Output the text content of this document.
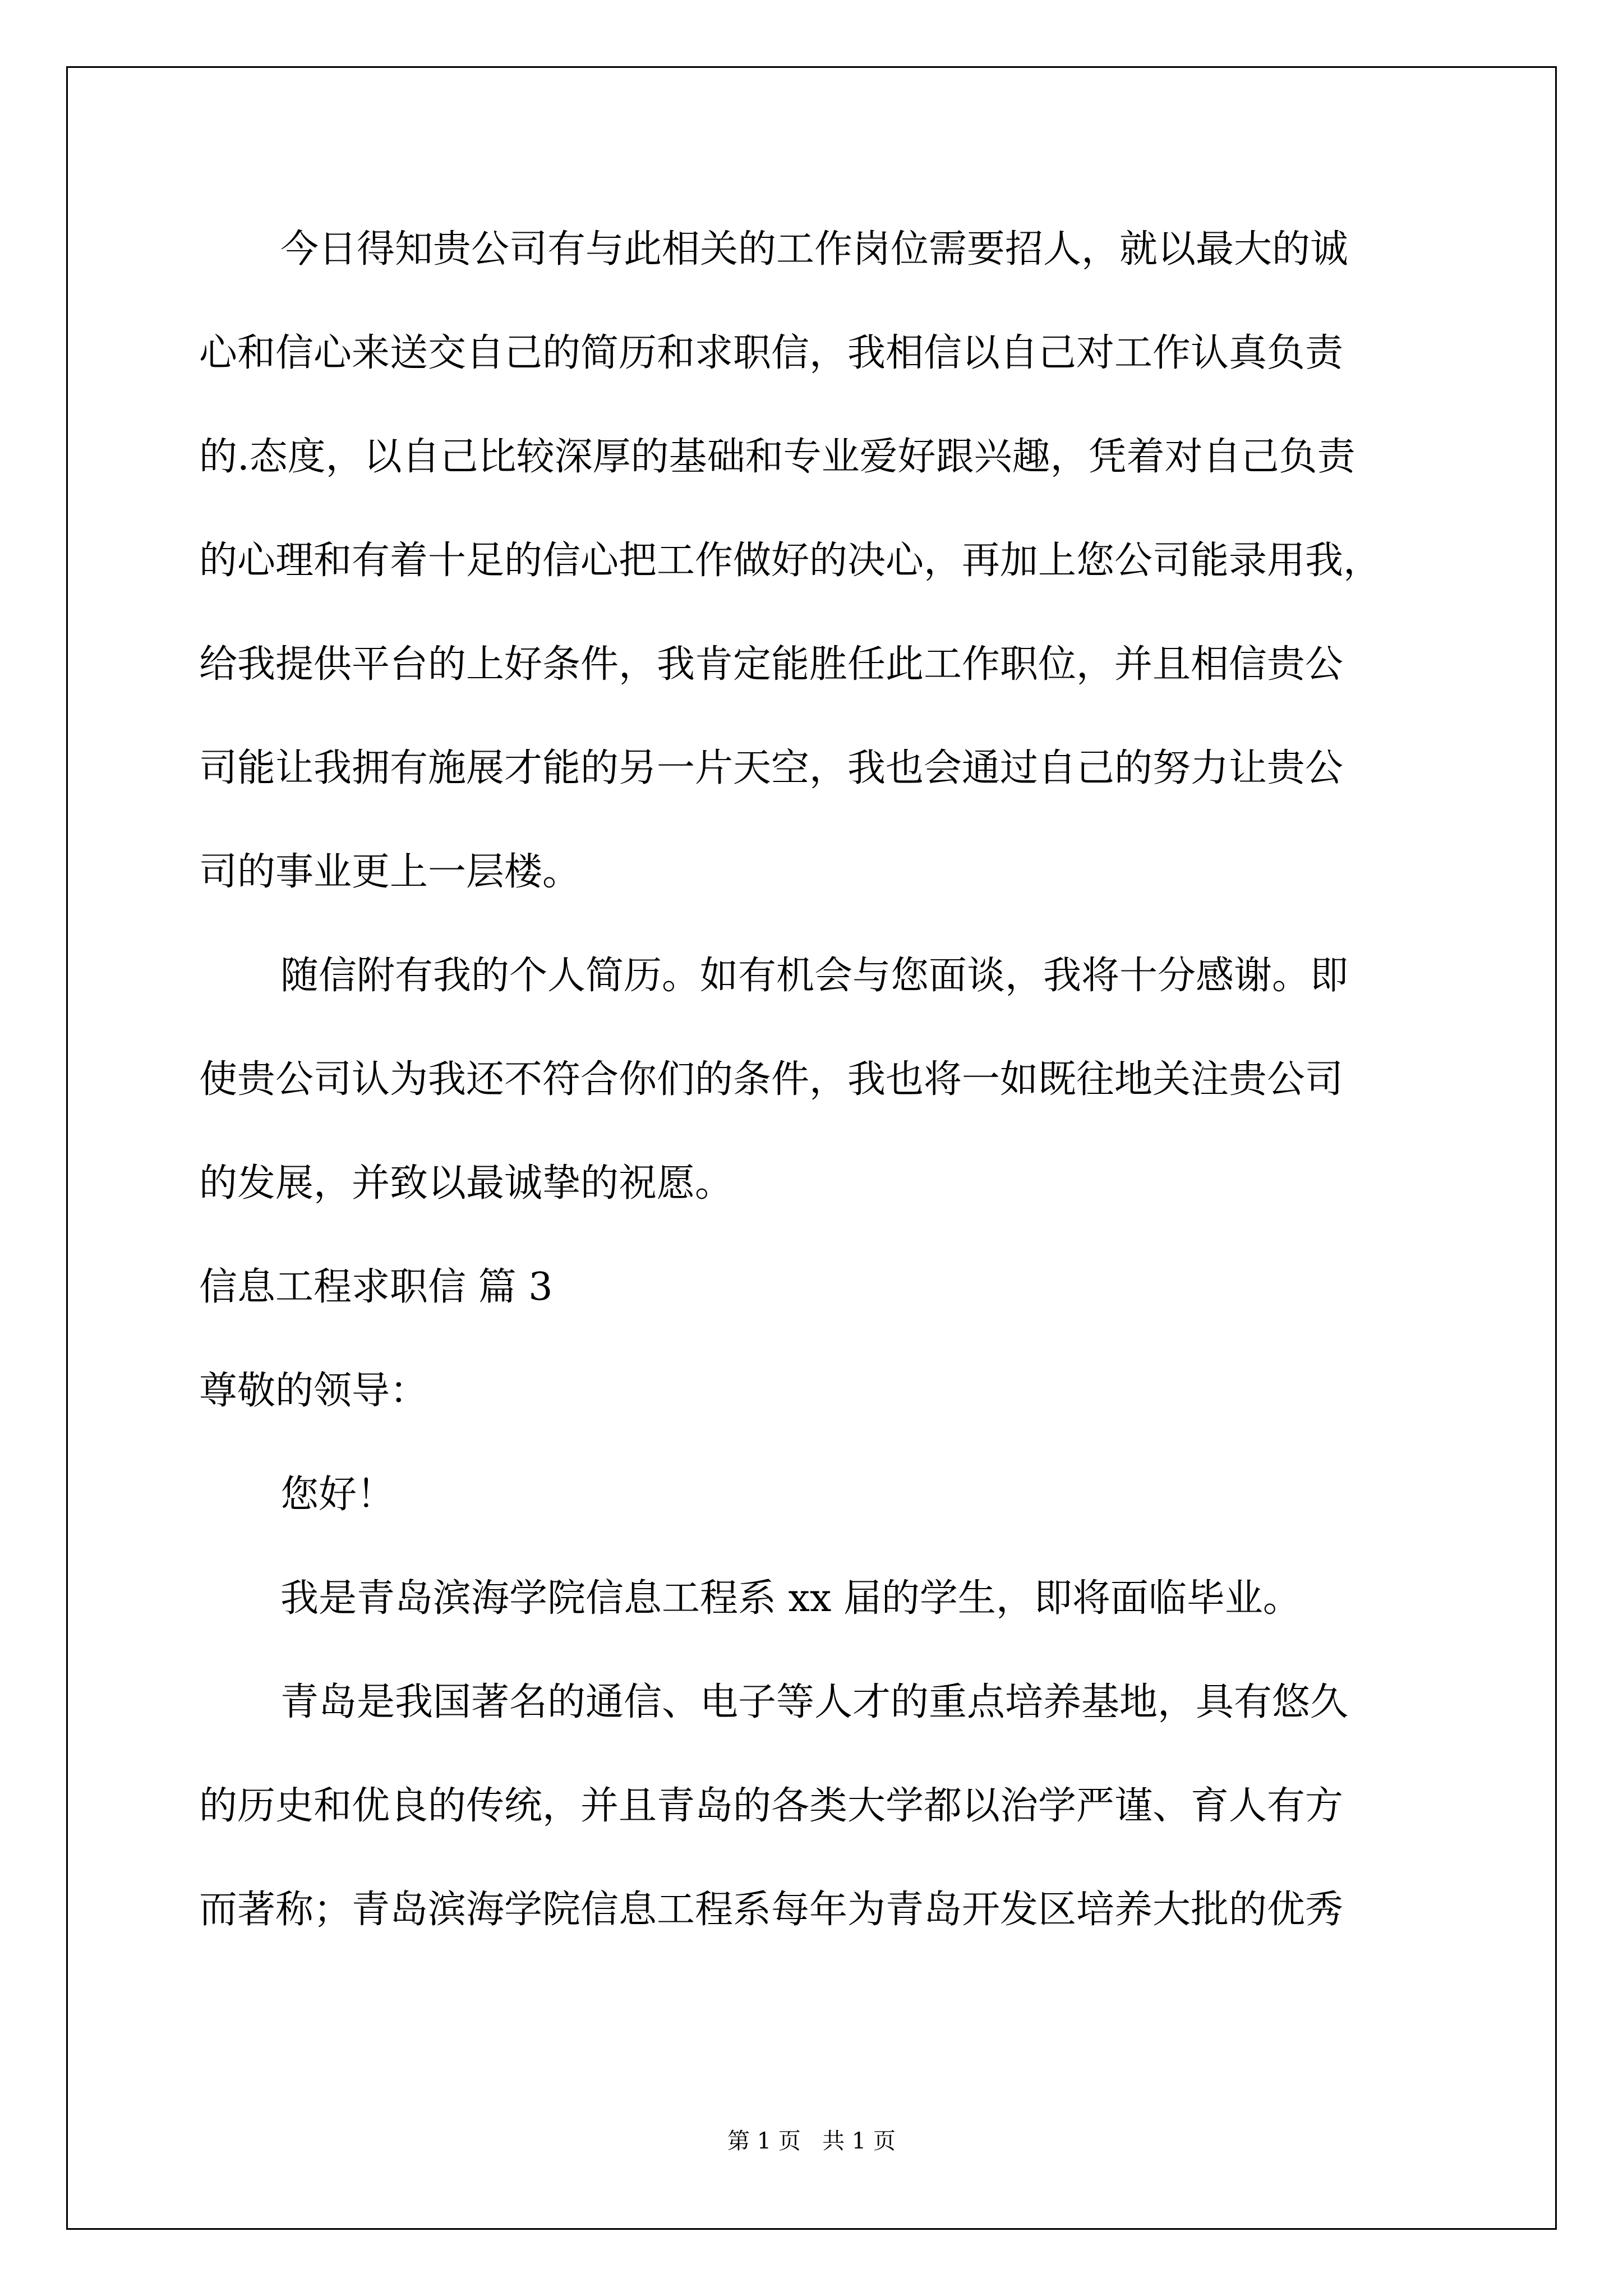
今日得知贵公司有与此相关的工作岗位需要招人，就以最大的诚
心和信心来送交自己的简历和求职信，我相信以自己对工作认真负责
的.态度，以自己比较深厚的基础和专业爱好跟兴趣，凭着对自己负责
的心理和有着十足的信心把工作做好的决心，再加上您公司能录用我，
给我提供平台的上好条件，我肯定能胜任此工作职位，并且相信贵公
司能让我拥有施展才能的另一片天空，我也会通过自己的努力让贵公
司的事业更上一层楼。
随信附有我的个人简历。如有机会与您面谈，我将十分感谢。即
使贵公司认为我还不符合你们的条件，我也将一如既往地关注贵公司
的发展，并致以最诚挚的祝愿。
信息工程求职信 篇 3
尊敬的领导：
您好！
我是青岛滨海学院信息工程系 xx 届的学生，即将面临毕业。
青岛是我国著名的通信、电子等人才的重点培养基地，具有悠久
的历史和优良的传统，并且青岛的各类大学都以治学严谨、育人有方
而著称；青岛滨海学院信息工程系每年为青岛开发区培养大批的优秀
第 1 页   共 1 页
